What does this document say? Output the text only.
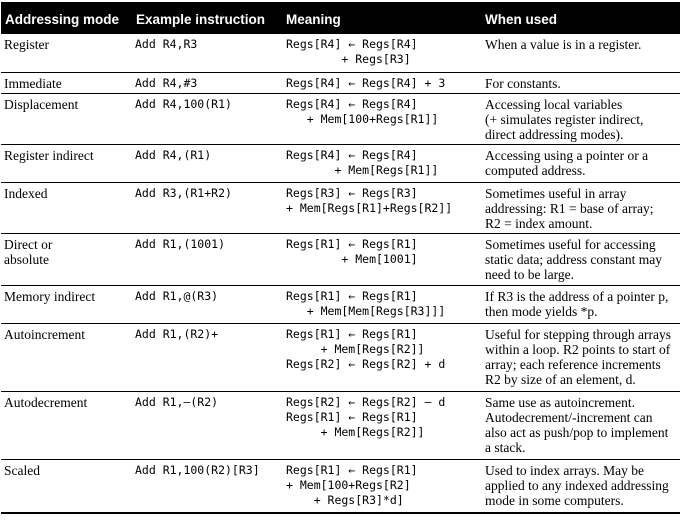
Addressing mode	Example instruction	Meaning	When used

Register	Add R4,R3	Regs[R4] ← Regs[R4]
+ Regs[R3]	When a value is in a register.

Immediate	Add R4,#3	Regs[R4] ← Regs[R4] + 3	For constants.

Displacement	Add R4,100(R1)	Regs[R4] ← Regs[R4]
+ Mem[100+Regs[R1]]	Accessing local variables
(+ simulates register indirect,
direct addressing modes).

Register indirect	Add R4,(R1)	Regs[R4] ← Regs[R4]
+ Mem[Regs[R1]]	Accessing using a pointer or a
computed address.

Indexed	Add R3,(R1+R2)	Regs[R3] ← Regs[R3]
+ Mem[Regs[R1]+Regs[R2]]	Sometimes useful in array
addressing: R1 = base of array;
R2 = index amount.

Direct or
absolute	Add R1,(1001)	Regs[R1] ← Regs[R1]
+ Mem[1001]	Sometimes useful for accessing
static data; address constant may
need to be large.

Memory indirect	Add R1,@(R3)	Regs[R1] ← Regs[R1]
+ Mem[Mem[Regs[R3]]]	If R3 is the address of a pointer p,
then mode yields *p.

Autoincrement	Add R1,(R2)+	Regs[R1] ← Regs[R1]
+ Mem[Regs[R2]]
Regs[R2] ← Regs[R2] + d	Useful for stepping through arrays
within a loop. R2 points to start of
array; each reference increments
R2 by size of an element, d.

Autodecrement	Add R1,–(R2)	Regs[R2] ← Regs[R2] – d
Regs[R1] ← Regs[R1]
+ Mem[Regs[R2]]	Same use as autoincrement.
Autodecrement/-increment can
also act as push/pop to implement
a stack.

Scaled	Add R1,100(R2)[R3]	Regs[R1] ← Regs[R1]
+ Mem[100+Regs[R2]
+ Regs[R3]*d]	Used to index arrays. May be
applied to any indexed addressing
mode in some computers.
